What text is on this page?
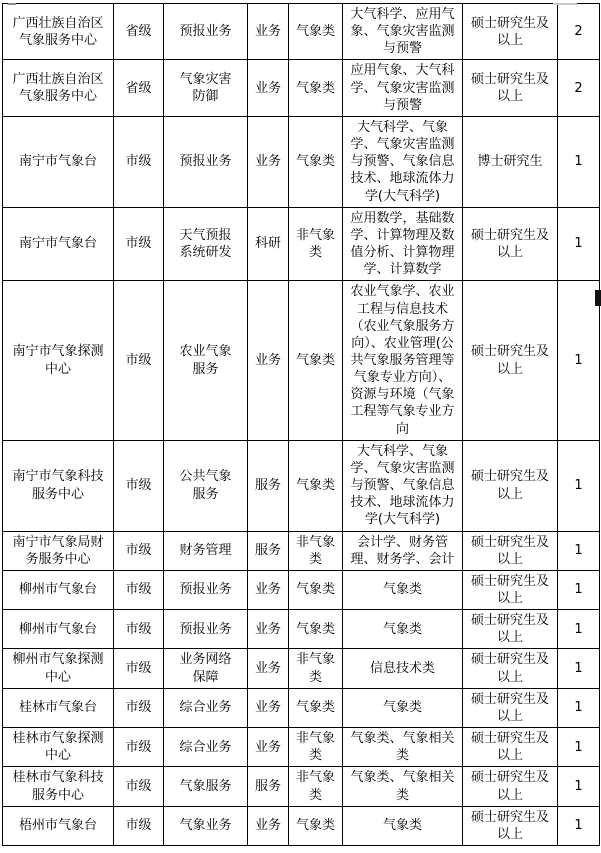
广西壮族自治区气象服务中心	省级	预报业务	业务	气象类	大气科学、应用气象、气象灾害监测与预警	硕士研究生及以上	2
广西壮族自治区气象服务中心	省级	气象灾害防御	业务	气象类	应用气象、大气科学、气象灾害监测与预警	硕士研究生及以上	2
南宁市气象台	市级	预报业务	业务	气象类	大气科学、气象学、气象灾害监测与预警、气象信息技术、地球流体力学(大气科学)	博士研究生	1
南宁市气象台	市级	天气预报系统研发	科研	非气象类	应用数学，基础数学、计算物理及数值分析、计算物理学、计算数学	硕士研究生及以上	1
南宁市气象探测中心	市级	农业气象服务	业务	气象类	农业气象学、农业工程与信息技术（农业气象服务方向）、农业管理(公共气象服务管理等气象专业方向）、资源与环境（气象工程等气象专业方向	硕士研究生及以上	1
南宁市气象科技服务中心	市级	公共气象服务	服务	气象类	大气科学、气象学、气象灾害监测与预警、气象信息技术、地球流体力学(大气科学)	硕士研究生及以上	1
南宁市气象局财务服务中心	市级	财务管理	服务	非气象类	会计学、财务管理、财务学、会计	硕士研究生及以上	1
柳州市气象台	市级	预报业务	业务	气象类	气象类	硕士研究生及以上	1
柳州市气象台	市级	预报业务	业务	气象类	气象类	硕士研究生及以上	1
柳州市气象探测中心	市级	业务网络保障	业务	非气象类	信息技术类	硕士研究生及以上	1
桂林市气象台	市级	综合业务	业务	气象类	气象类	硕士研究生及以上	1
桂林市气象探测中心	市级	综合业务	业务	非气象类	气象类、气象相关类	硕士研究生及以上	1
桂林市气象科技服务中心	市级	气象服务	服务	非气象类	气象类、气象相关类	硕士研究生及以上	1
梧州市气象台	市级	气象业务	业务	气象类	气象类	硕士研究生及以上	1
